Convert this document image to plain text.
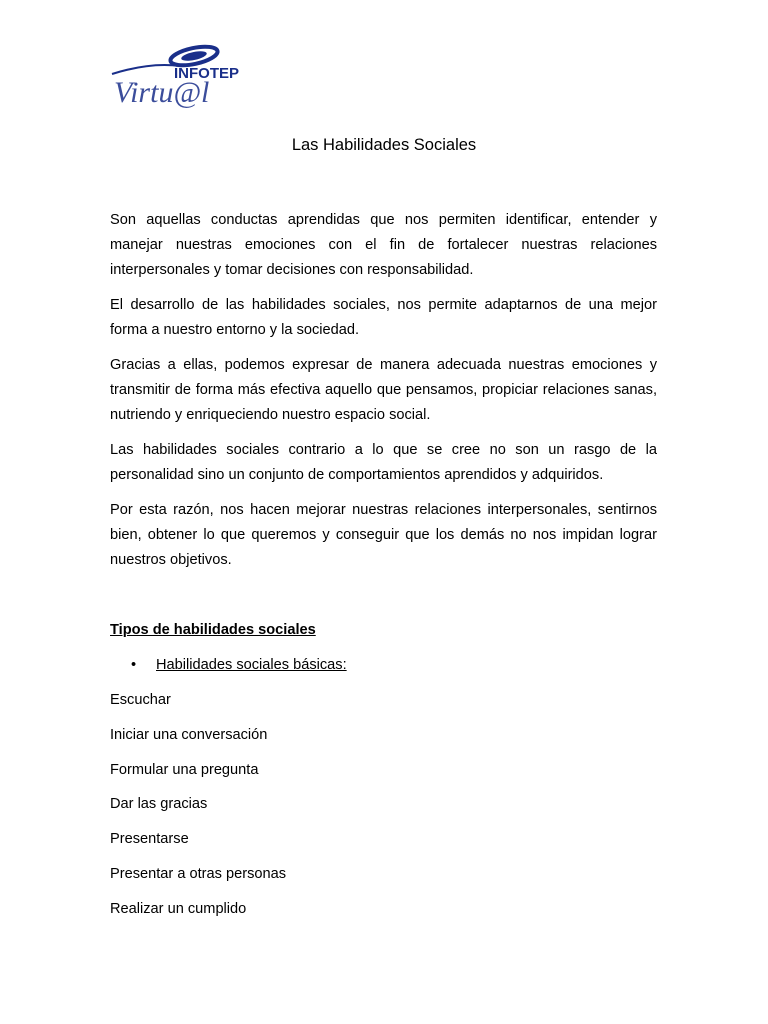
INFOTEP
Virtu@l
Las Habilidades Sociales

Son aquellas conductas aprendidas que nos permiten identificar, entender y manejar nuestras emociones con el fin de fortalecer nuestras relaciones interpersonales y tomar decisiones con responsabilidad.

El desarrollo de las habilidades sociales, nos permite adaptarnos de una mejor forma a nuestro entorno y la sociedad.

Gracias a ellas, podemos expresar de manera adecuada nuestras emociones y transmitir de forma más efectiva aquello que pensamos, propiciar relaciones sanas, nutriendo y enriqueciendo nuestro espacio social.

Las habilidades sociales contrario a lo que se cree no son un rasgo de la personalidad sino un conjunto de comportamientos aprendidos y adquiridos.

Por esta razón, nos hacen mejorar nuestras relaciones interpersonales, sentirnos bien, obtener lo que queremos y conseguir que los demás no nos impidan lograr nuestros objetivos.

Tipos de habilidades sociales
•	Habilidades sociales básicas:
Escuchar
Iniciar una conversación
Formular una pregunta
Dar las gracias
Presentarse
Presentar a otras personas
Realizar un cumplido
